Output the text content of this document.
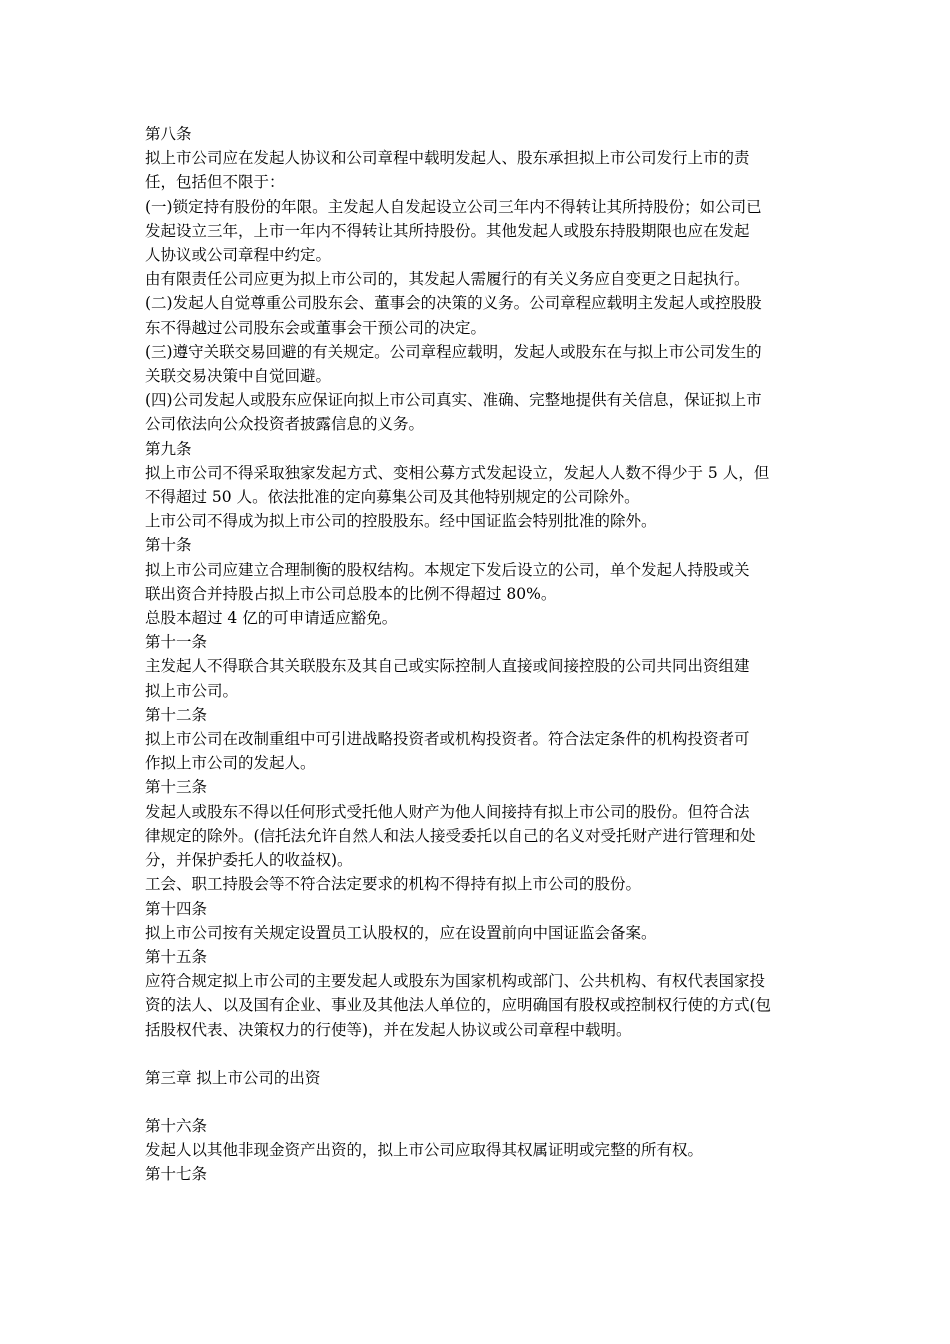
第八条
拟上市公司应在发起人协议和公司章程中载明发起人、股东承担拟上市公司发行上市的责
任，包括但不限于：
(一)锁定持有股份的年限。主发起人自发起设立公司三年内不得转让其所持股份；如公司已
发起设立三年，上市一年内不得转让其所持股份。其他发起人或股东持股期限也应在发起
人协议或公司章程中约定。
由有限责任公司应更为拟上市公司的，其发起人需履行的有关义务应自变更之日起执行。
(二)发起人自觉尊重公司股东会、董事会的决策的义务。公司章程应载明主发起人或控股股
东不得越过公司股东会或董事会干预公司的决定。
(三)遵守关联交易回避的有关规定。公司章程应载明，发起人或股东在与拟上市公司发生的
关联交易决策中自觉回避。
(四)公司发起人或股东应保证向拟上市公司真实、准确、完整地提供有关信息，保证拟上市
公司依法向公众投资者披露信息的义务。
第九条
拟上市公司不得采取独家发起方式、变相公募方式发起设立，发起人人数不得少于 5 人，但
不得超过 50 人。依法批准的定向募集公司及其他特别规定的公司除外。
上市公司不得成为拟上市公司的控股股东。经中国证监会特别批准的除外。
第十条
拟上市公司应建立合理制衡的股权结构。本规定下发后设立的公司，单个发起人持股或关
联出资合并持股占拟上市公司总股本的比例不得超过 80%。
总股本超过 4 亿的可申请适应豁免。
第十一条
主发起人不得联合其关联股东及其自己或实际控制人直接或间接控股的公司共同出资组建
拟上市公司。
第十二条
拟上市公司在改制重组中可引进战略投资者或机构投资者。符合法定条件的机构投资者可
作拟上市公司的发起人。
第十三条
发起人或股东不得以任何形式受托他人财产为他人间接持有拟上市公司的股份。但符合法
律规定的除外。(信托法允许自然人和法人接受委托以自己的名义对受托财产进行管理和处
分，并保护委托人的收益权)。
工会、职工持股会等不符合法定要求的机构不得持有拟上市公司的股份。
第十四条
拟上市公司按有关规定设置员工认股权的，应在设置前向中国证监会备案。
第十五条
应符合规定拟上市公司的主要发起人或股东为国家机构或部门、公共机构、有权代表国家投
资的法人、以及国有企业、事业及其他法人单位的，应明确国有股权或控制权行使的方式(包
括股权代表、决策权力的行使等)，并在发起人协议或公司章程中载明。
第三章 拟上市公司的出资
第十六条
发起人以其他非现金资产出资的，拟上市公司应取得其权属证明或完整的所有权。
第十七条
